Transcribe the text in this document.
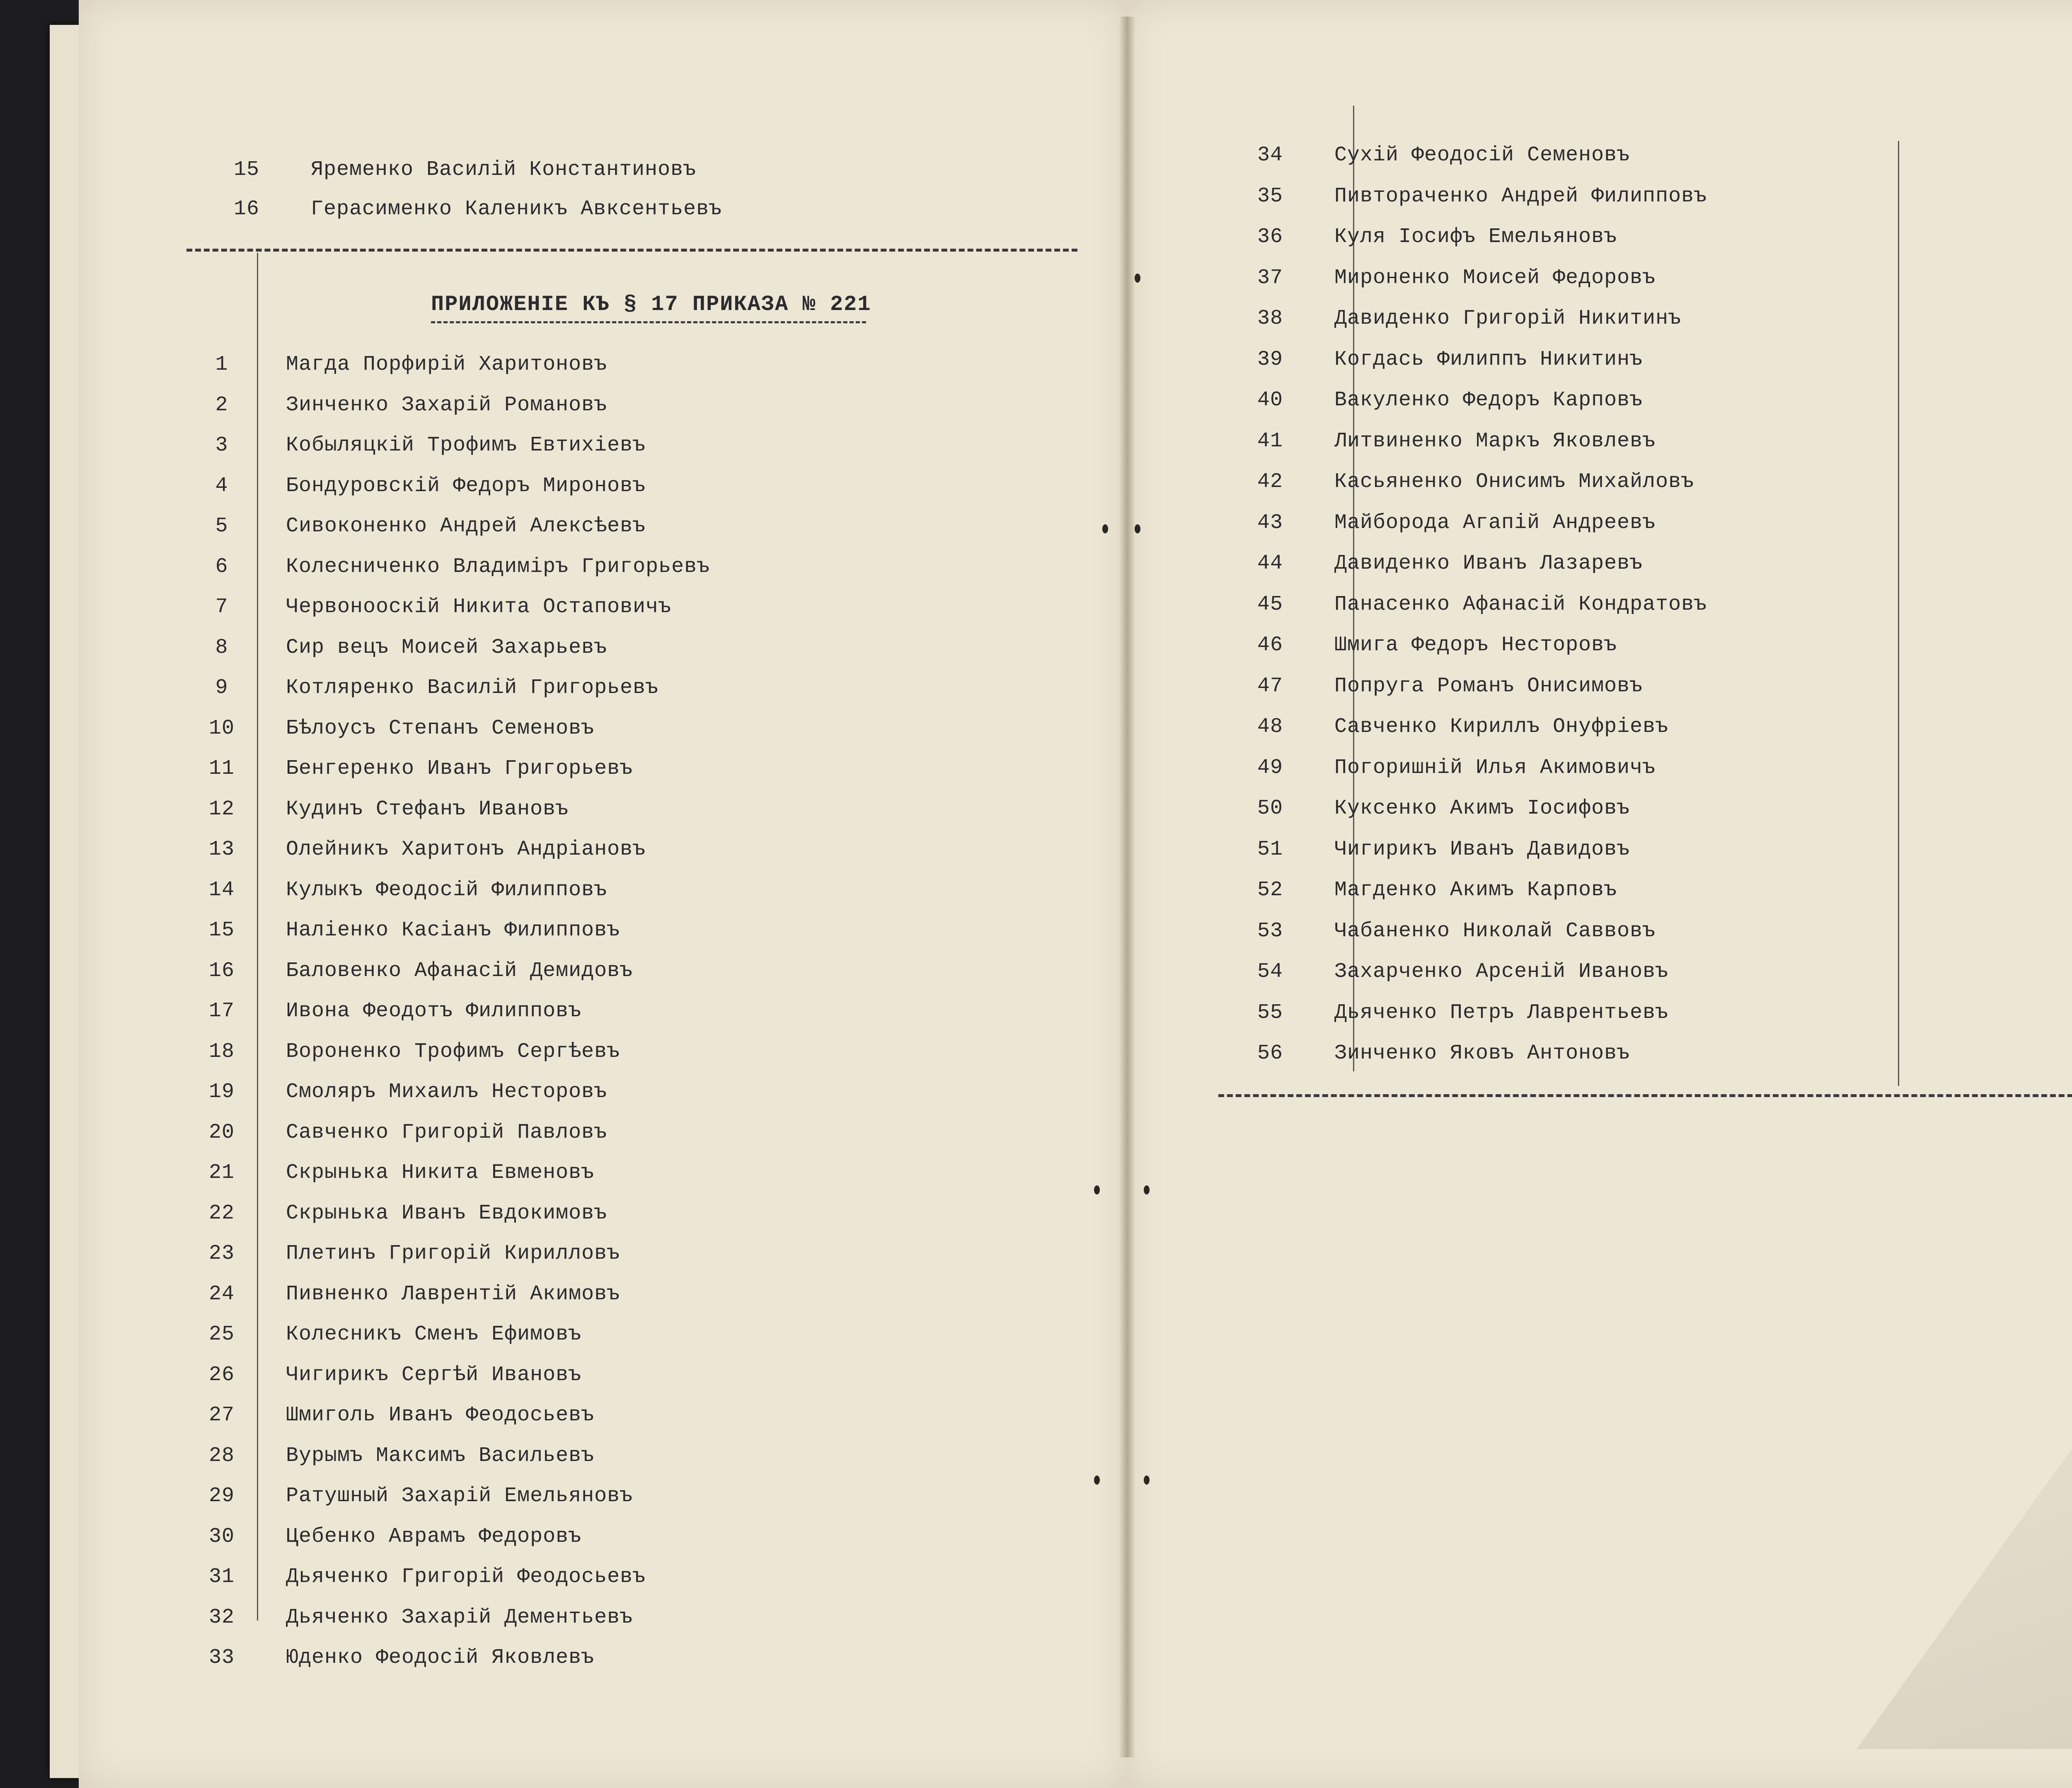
15	Яременко Василій Константиновъ
16	Герасименко Каленикъ Авксентьевъ
ПРИЛОЖЕНІЕ КЪ § 17 ПРИКАЗА № 221
1	Магда Порфирій Харитоновъ
2	Зинченко Захарій Романовъ
3	Кобыляцкій Трофимъ Евтихіевъ
4	Бондуровскій Федоръ Мироновъ
5	Сивоконенко Андрей Алексѣевъ
6	Колесниченко Владиміръ Григорьевъ
7	Червонооскій Никита Остаповичъ
8	Сир вецъ Моисей Захарьевъ
9	Котляренко Василій Григорьевъ
10	Бѣлоусъ Степанъ Семеновъ
11	Бенгеренко Иванъ Григорьевъ
12	Кудинъ Стефанъ Ивановъ
13	Олейникъ Харитонъ Андріановъ
14	Кулыкъ Феодосій Филипповъ
15	Наліенко Касіанъ Филипповъ
16	Баловенко Афанасій Демидовъ
17	Ивона Феодотъ Филипповъ
18	Вороненко Трофимъ Сергѣевъ
19	Смоляръ Михаилъ Несторовъ
20	Савченко Григорій Павловъ
21	Скрынька Никита Евменовъ
22	Скрынька Иванъ Евдокимовъ
23	Плетинъ Григорій Кирилловъ
24	Пивненко Лаврентій Акимовъ
25	Колесникъ Сменъ Ефимовъ
26	Чигирикъ Сергѣй Ивановъ
27	Шмиголь Иванъ Феодосьевъ
28	Вурымъ Максимъ Васильевъ
29	Ратушный Захарій Емельяновъ
30	Цебенко Аврамъ Федоровъ
31	Дьяченко Григорій Феодосьевъ
32	Дьяченко Захарій Дементьевъ
33	Юденко Феодосій Яковлевъ
34	Сухій Феодосій Семеновъ
35	Пивтораченко Андрей Филипповъ
36	Куля Іосифъ Емельяновъ
37	Мироненко Моисей Федоровъ
38	Давиденко Григорій Никитинъ
39	Когдась Филиппъ Никитинъ
40	Вакуленко Федоръ Карповъ
41	Литвиненко Маркъ Яковлевъ
42	Касьяненко Онисимъ Михайловъ
43	Майборода Агапій Андреевъ
44	Давиденко Иванъ Лазаревъ
45	Панасенко Афанасій Кондратовъ
46	Шмига Федоръ Несторовъ
47	Попруга Романъ Онисимовъ
48	Савченко Кириллъ Онуфріевъ
49	Погоришній Илья Акимовичъ
50	Куксенко Акимъ Іосифовъ
51	Чигирикъ Иванъ Давидовъ
52	Магденко Акимъ Карповъ
53	Чабаненко Николай Саввовъ
54	Захарченко Арсеній Ивановъ
55	Дьяченко Петръ Лаврентьевъ
56	Зинченко Яковъ Антоновъ
